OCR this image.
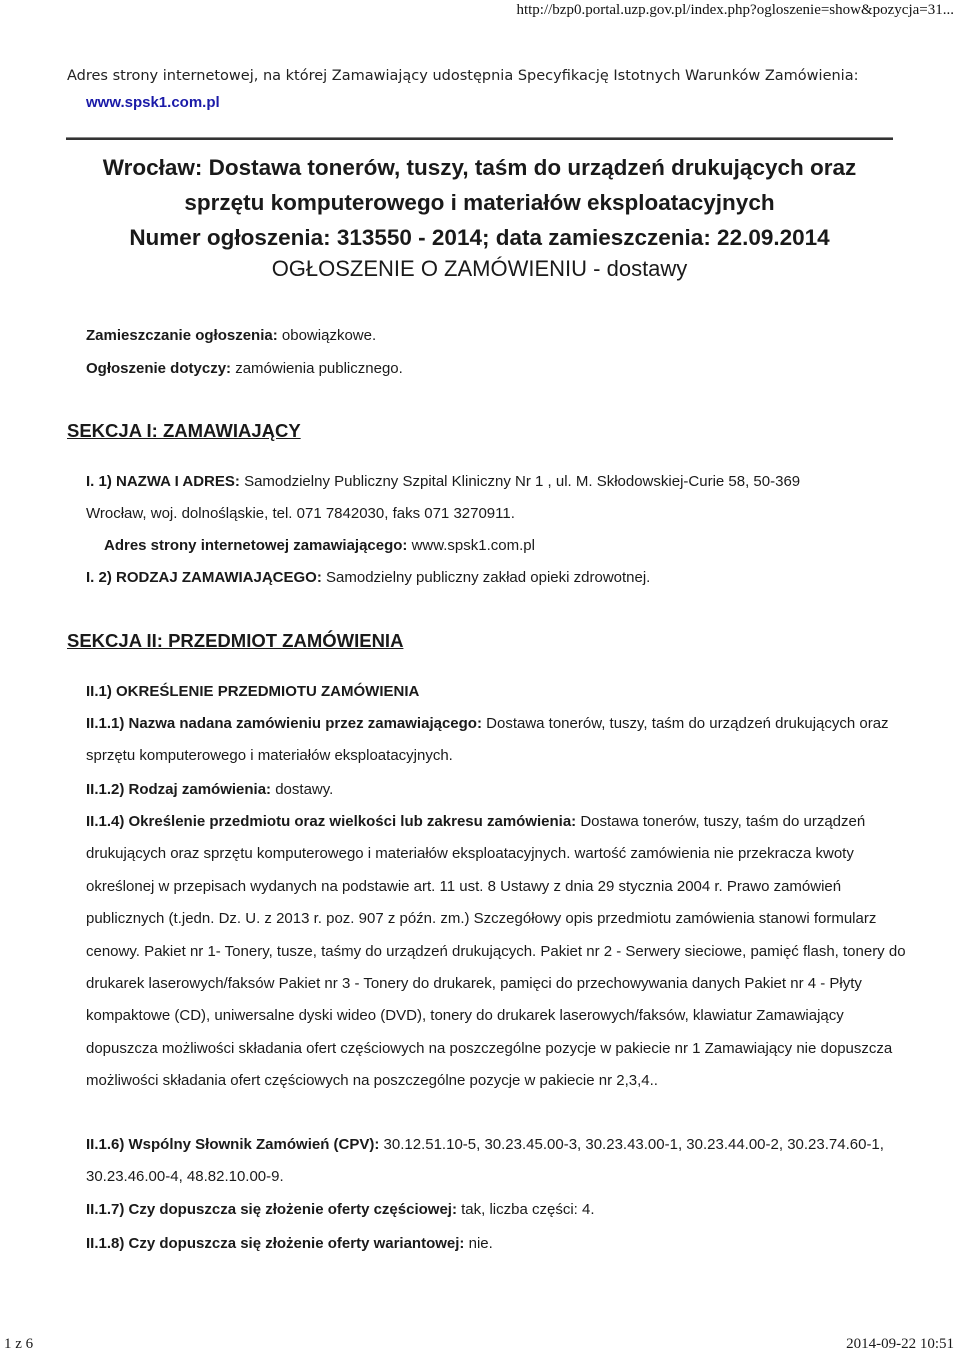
http://bzp0.portal.uzp.gov.pl/index.php?ogloszenie=show&pozycja=31...
Adres strony internetowej, na której Zamawiający udostępnia Specyfikację Istotnych Warunków Zamówienia:
www.spsk1.com.pl
Wrocław: Dostawa tonerów, tuszy, taśm do urządzeń drukujących oraz
sprzętu komputerowego i materiałów eksploatacyjnych
Numer ogłoszenia: 313550 - 2014; data zamieszczenia: 22.09.2014
OGŁOSZENIE O ZAMÓWIENIU - dostawy
Zamieszczanie ogłoszenia: obowiązkowe.
Ogłoszenie dotyczy: zamówienia publicznego.
SEKCJA I: ZAMAWIAJĄCY
I. 1) NAZWA I ADRES: Samodzielny Publiczny Szpital Kliniczny Nr 1 , ul. M. Skłodowskiej-Curie 58, 50-369
Wrocław, woj. dolnośląskie, tel. 071 7842030, faks 071 3270911.
Adres strony internetowej zamawiającego: www.spsk1.com.pl
I. 2) RODZAJ ZAMAWIAJĄCEGO: Samodzielny publiczny zakład opieki zdrowotnej.
SEKCJA II: PRZEDMIOT ZAMÓWIENIA
II.1) OKREŚLENIE PRZEDMIOTU ZAMÓWIENIA
II.1.1) Nazwa nadana zamówieniu przez zamawiającego: Dostawa tonerów, tuszy, taśm do urządzeń drukujących oraz sprzętu komputerowego i materiałów eksploatacyjnych.
II.1.2) Rodzaj zamówienia: dostawy.
II.1.4) Określenie przedmiotu oraz wielkości lub zakresu zamówienia: Dostawa tonerów, tuszy, taśm do urządzeń drukujących oraz sprzętu komputerowego i materiałów eksploatacyjnych. wartość zamówienia nie przekracza kwoty określonej w przepisach wydanych na podstawie art. 11 ust. 8 Ustawy z dnia 29 stycznia 2004 r. Prawo zamówień publicznych (t.jedn. Dz. U. z 2013 r. poz. 907 z późn. zm.) Szczegółowy opis przedmiotu zamówienia stanowi formularz cenowy. Pakiet nr 1- Tonery, tusze, taśmy do urządzeń drukujących. Pakiet nr 2 - Serwery sieciowe, pamięć flash, tonery do drukarek laserowych/faksów Pakiet nr 3 - Tonery do drukarek, pamięci do przechowywania danych Pakiet nr 4 - Płyty kompaktowe (CD), uniwersalne dyski wideo (DVD), tonery do drukarek laserowych/faksów, klawiatur Zamawiający dopuszcza możliwości składania ofert częściowych na poszczególne pozycje w pakiecie nr 1 Zamawiający nie dopuszcza możliwości składania ofert częściowych na poszczególne pozycje w pakiecie nr 2,3,4..
II.1.6) Wspólny Słownik Zamówień (CPV): 30.12.51.10-5, 30.23.45.00-3, 30.23.43.00-1, 30.23.44.00-2, 30.23.74.60-1, 30.23.46.00-4, 48.82.10.00-9.
II.1.7) Czy dopuszcza się złożenie oferty częściowej: tak, liczba części: 4.
II.1.8) Czy dopuszcza się złożenie oferty wariantowej: nie.
1 z 6	2014-09-22 10:51
